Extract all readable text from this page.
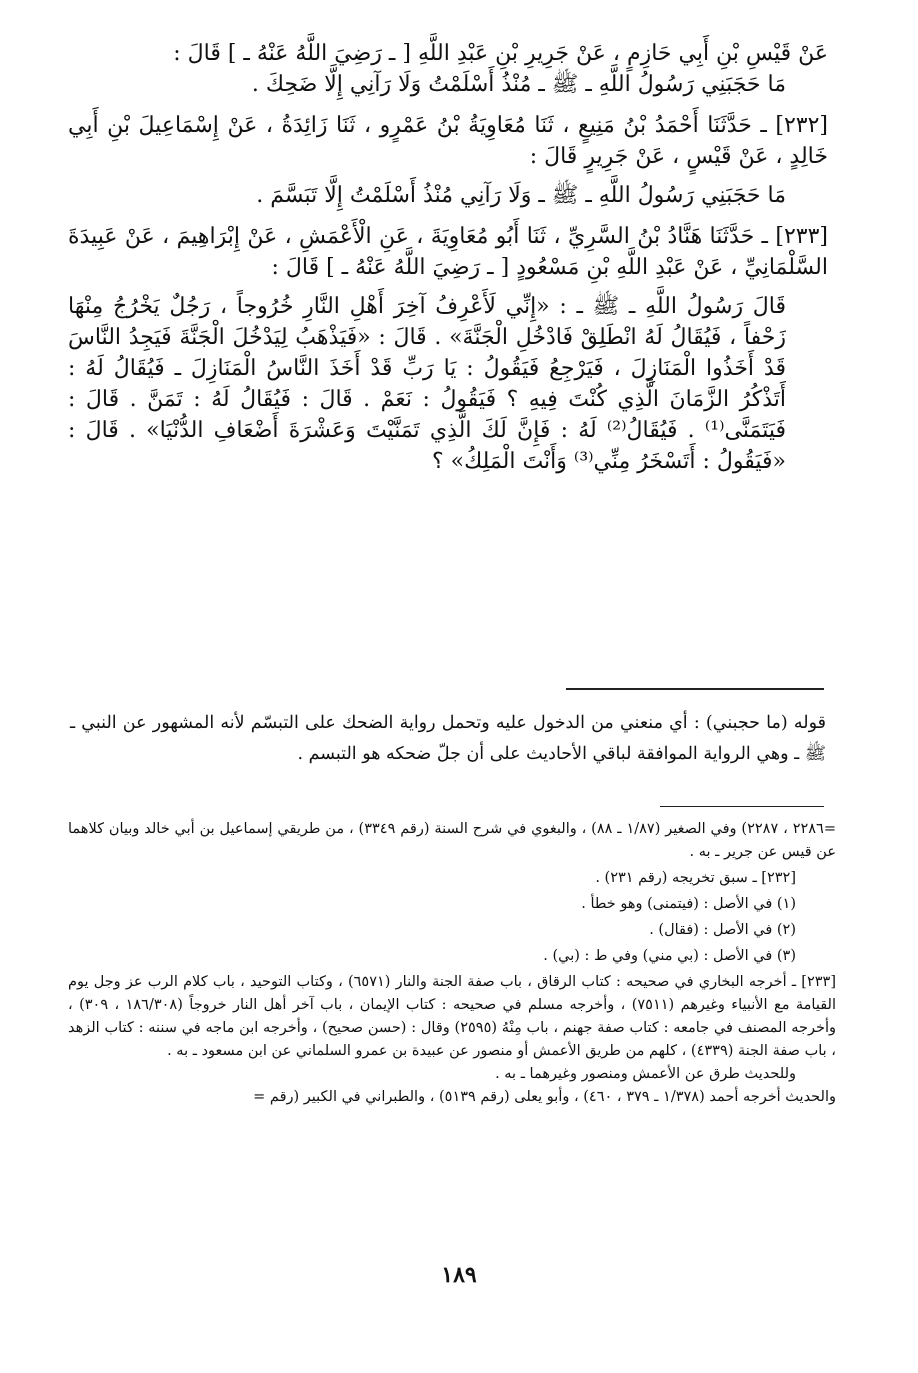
عَنْ قَيْسِ بْنِ أَبِي حَازِمٍ ، عَنْ جَرِيرِ بْنِ عَبْدِ اللَّهِ [ ـ رَضِيَ اللَّهُ عَنْهُ ـ ] قَالَ :

مَا حَجَبَنِي رَسُولُ اللَّهِ ـ ﷺ ـ مُنْذُ أَسْلَمْتُ وَلَا رَآنِي إِلَّا ضَحِكَ .

[٢٣٢] ـ حَدَّثَنَا أَحْمَدُ بْنُ مَنِيعٍ ، ثَنَا مُعَاوِيَةُ بْنُ عَمْرٍو ، ثَنَا زَائِدَةُ ، عَنْ إِسْمَاعِيلَ بْنِ أَبِي خَالِدٍ ، عَنْ قَيْسٍ ، عَنْ جَرِيرٍ قَالَ :

مَا حَجَبَنِي رَسُولُ اللَّهِ ـ ﷺ ـ وَلَا رَآنِي مُنْذُ أَسْلَمْتُ إِلَّا تَبَسَّمَ .

[٢٣٣] ـ حَدَّثَنَا هَنَّادُ بْنُ السَّرِيِّ ، ثَنَا أَبُو مُعَاوِيَةَ ، عَنِ الْأَعْمَشِ ، عَنْ إِبْرَاهِيمَ ، عَنْ عَبِيدَةَ السَّلْمَانِيِّ ، عَنْ عَبْدِ اللَّهِ بْنِ مَسْعُودٍ [ ـ رَضِيَ اللَّهُ عَنْهُ ـ ] قَالَ :

قَالَ رَسُولُ اللَّهِ ـ ﷺ ـ : «إِنِّي لَأَعْرِفُ آخِرَ أَهْلِ النَّارِ خُرُوجاً ، رَجُلٌ يَخْرُجُ مِنْهَا زَحْفاً ، فَيُقَالُ لَهُ انْطَلِقْ فَادْخُلِ الْجَنَّةَ» . قَالَ : «فَيَذْهَبُ لِيَدْخُلَ الْجَنَّةَ فَيَجِدُ النَّاسَ قَدْ أَخَذُوا الْمَنَازِلَ ، فَيَرْجِعُ فَيَقُولُ : يَا رَبِّ قَدْ أَخَذَ النَّاسُ الْمَنَازِلَ ـ فَيُقَالُ لَهُ : أَتَذْكُرُ الزَّمَانَ الَّذِي كُنْتَ فِيهِ ؟ فَيَقُولُ : نَعَمْ . قَالَ : فَيُقَالُ لَهُ : تَمَنَّ . قَالَ : فَيَتَمَنَّى⁽¹⁾ . فَيُقَالُ⁽²⁾ لَهُ : فَإِنَّ لَكَ الَّذِي تَمَنَّيْتَ وَعَشْرَةَ أَضْعَافِ الدُّنْيَا» . قَالَ : «فَيَقُولُ : أَتَسْخَرُ مِنِّي⁽³⁾ وَأَنْتَ الْمَلِكُ» ؟

قوله (ما حجبني) : أي منعني من الدخول عليه وتحمل رواية الضحك على التبسّم لأنه المشهور عن النبي ـ ﷺ ـ وهي الرواية الموافقة لباقي الأحاديث على أن جلّ ضحكه هو التبسم .

=٢٢٨٦ ، ٢٢٨٧) وفي الصغير (١/٨٧ ـ ٨٨) ، والبغوي في شرح السنة (رقم ٣٣٤٩) ، من طريقي إسماعيل بن أبي خالد وبيان كلاهما عن قيس عن جرير ـ به .

[٢٣٢] ـ سبق تخريجه (رقم ٢٣١) .

(١) في الأصل : (فيتمنى) وهو خطأ .

(٢) في الأصل : (فقال) .

(٣) في الأصل : (بي مني) وفي ط : (بي) .

[٢٣٣] ـ أخرجه البخاري في صحيحه : كتاب الرقاق ، باب صفة الجنة والنار (٦٥٧١) ، وكتاب التوحيد ، باب كلام الرب عز وجل يوم القيامة مع الأنبياء وغيرهم (٧٥١١) ، وأخرجه مسلم في صحيحه : كتاب الإيمان ، باب آخر أهل النار خروجاً (١٨٦/٣٠٨ ، ٣٠٩) ، وأخرجه المصنف في جامعه : كتاب صفة جهنم ، باب مِنْهُ (٢٥٩٥) وقال : (حسن صحيح) ، وأخرجه ابن ماجه في سننه : كتاب الزهد ، باب صفة الجنة (٤٣٣٩) ، كلهم من طريق الأعمش أو منصور عن عبيدة بن عمرو السلماني عن ابن مسعود ـ به .

وللحديث طرق عن الأعمش ومنصور وغيرهما ـ به .

والحديث أخرجه أحمد (١/٣٧٨ ـ ٣٧٩ ، ٤٦٠) ، وأبو يعلى (رقم ٥١٣٩) ، والطبراني في الكبير (رقم =

١٨٩
